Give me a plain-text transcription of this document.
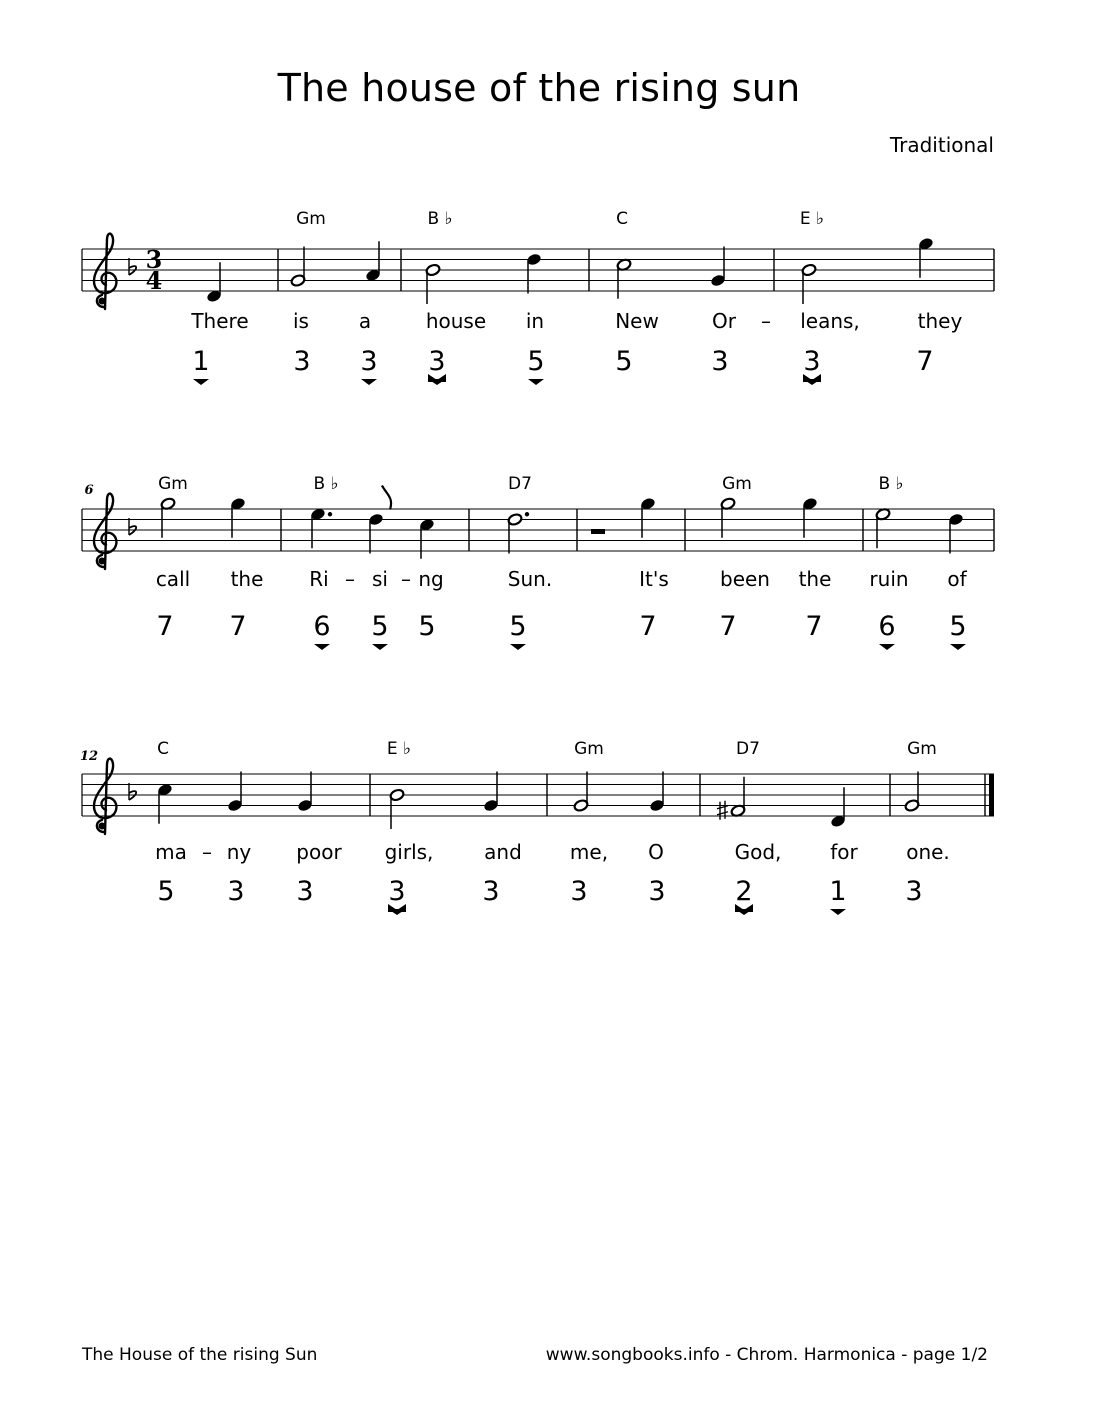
The house of the rising sun
Traditional
3
4
Gm	B ♭	C	E ♭
There is a	house in	New	Or – leans,	they
1	3 3 3	5	5	3	3	7
6	Gm	B ♭	D7	Gm	B ♭
call the Ri – si – ng	Sun.	It's	been the ruin of
7 7 6 5 5	5	7 7	7 6 5
12	C	E ♭	Gm	D7	Gm
ma – ny poor girls,	and me, O	God, for one.
5 3 3	3	3	3 3	2	1 3
The House of the rising Sun	www.songbooks.info - Chrom. Harmonica - page 1/2
